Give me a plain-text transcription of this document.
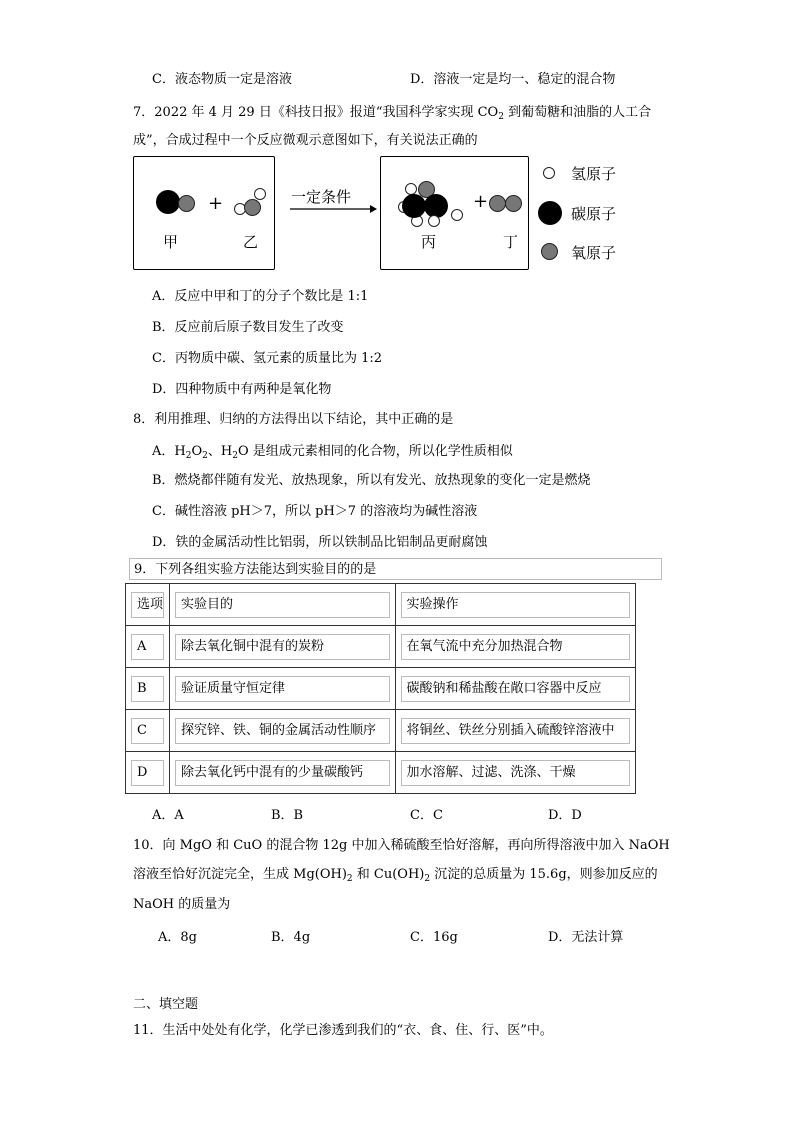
C．液态物质一定是溶液	D．溶液一定是均一、稳定的混合物
7．2022 年 4 月 29 日《科技日报》报道“我国科学家实现 $CO_2$ 到葡萄糖和油脂的人工合
成”，合成过程中一个反应微观示意图如下，有关说法正确的
+
甲	乙
一定条件	+
丙	丁
氢原子
碳原子
氧原子
A．反应中甲和丁的分子个数比是 1:1
B．反应前后原子数目发生了改变
C．丙物质中碳、氢元素的质量比为 1:2
D．四种物质中有两种是氧化物
8．利用推理、归纳的方法得出以下结论，其中正确的是
A．$H_2O_2$、$H_2O$ 是组成元素相同的化合物，所以化学性质相似
B．燃烧都伴随有发光、放热现象，所以有发光、放热现象的变化一定是燃烧
C．碱性溶液 pH＞7，所以 pH＞7 的溶液均为碱性溶液
D．铁的金属活动性比铝弱，所以铁制品比铝制品更耐腐蚀
9．下列各组实验方法能达到实验目的的是
选项	实验目的	实验操作

A	除去氧化铜中混有的炭粉	在氧气流中充分加热混合物

B	验证质量守恒定律	碳酸钠和稀盐酸在敞口容器中反应

C	探究锌、铁、铜的金属活动性顺序	将铜丝、铁丝分别插入硫酸锌溶液中

D	除去氧化钙中混有的少量碳酸钙	加水溶解、过滤、洗涤、干燥
A．A	B．B	C．C	D．D
10．向 MgO 和 CuO 的混合物 12g 中加入稀硫酸至恰好溶解，再向所得溶液中加入 NaOH
溶液至恰好沉淀完全，生成 $Mg(OH)_2$ 和 $Cu(OH)_2$ 沉淀的总质量为 15.6g，则参加反应的
NaOH 的质量为
A．8g	B．4g	C．16g	D．无法计算
二、填空题
11．生活中处处有化学，化学已渗透到我们的“衣、食、住、行、医”中。
